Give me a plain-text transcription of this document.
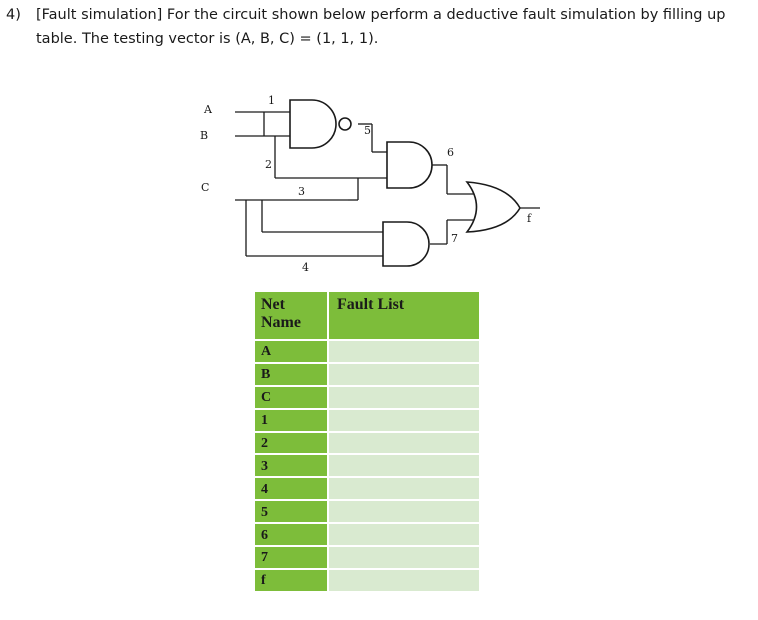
4) [Fault simulation] For the circuit shown below perform a deductive fault simulation by filling up
table. The testing vector is (A, B, C) = (1, 1, 1).
A
B
C
1
2
3
4
5
6
7
f
Net Name	Fault List
A	
B	
C	
1	
2	
3	
4	
5	
6	
7	
f	
